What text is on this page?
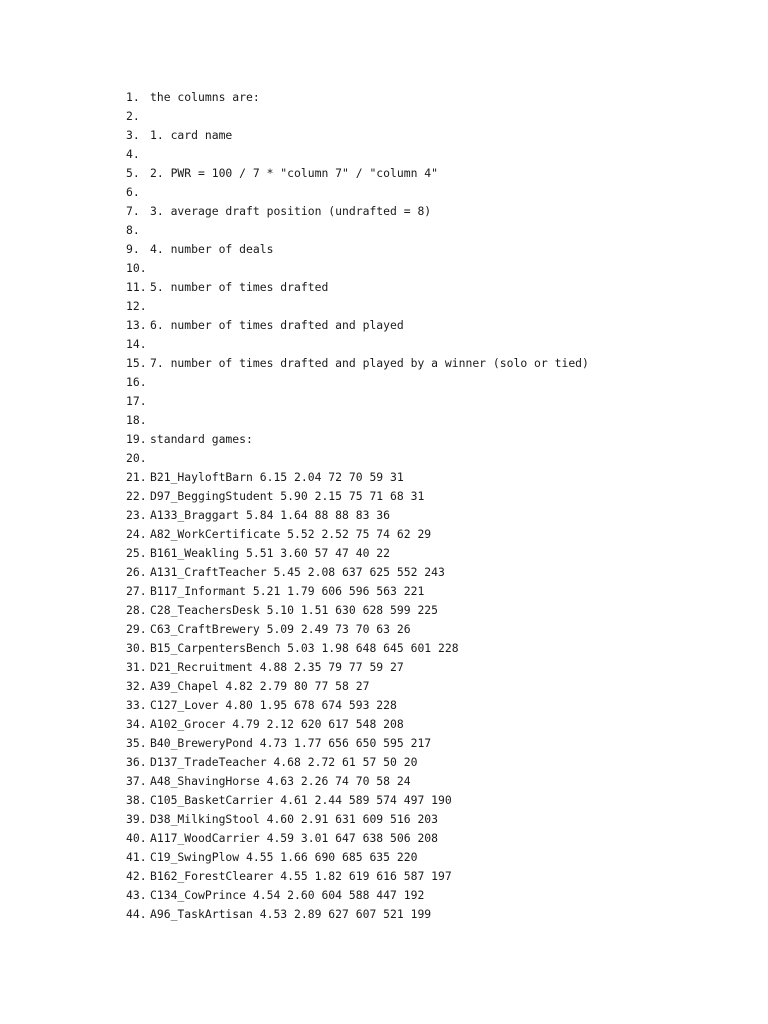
1. the columns are:
2.
3. 1. card name
4.
5. 2. PWR = 100 / 7 * "column 7" / "column 4"
6.
7. 3. average draft position (undrafted = 8)
8.
9. 4. number of deals
10.
11. 5. number of times drafted
12.
13. 6. number of times drafted and played
14.
15. 7. number of times drafted and played by a winner (solo or tied)
16.
17.
18.
19. standard games:
20.
21. B21_HayloftBarn 6.15 2.04 72 70 59 31
22. D97_BeggingStudent 5.90 2.15 75 71 68 31
23. A133_Braggart 5.84 1.64 88 88 83 36
24. A82_WorkCertificate 5.52 2.52 75 74 62 29
25. B161_Weakling 5.51 3.60 57 47 40 22
26. A131_CraftTeacher 5.45 2.08 637 625 552 243
27. B117_Informant 5.21 1.79 606 596 563 221
28. C28_TeachersDesk 5.10 1.51 630 628 599 225
29. C63_CraftBrewery 5.09 2.49 73 70 63 26
30. B15_CarpentersBench 5.03 1.98 648 645 601 228
31. D21_Recruitment 4.88 2.35 79 77 59 27
32. A39_Chapel 4.82 2.79 80 77 58 27
33. C127_Lover 4.80 1.95 678 674 593 228
34. A102_Grocer 4.79 2.12 620 617 548 208
35. B40_BreweryPond 4.73 1.77 656 650 595 217
36. D137_TradeTeacher 4.68 2.72 61 57 50 20
37. A48_ShavingHorse 4.63 2.26 74 70 58 24
38. C105_BasketCarrier 4.61 2.44 589 574 497 190
39. D38_MilkingStool 4.60 2.91 631 609 516 203
40. A117_WoodCarrier 4.59 3.01 647 638 506 208
41. C19_SwingPlow 4.55 1.66 690 685 635 220
42. B162_ForestClearer 4.55 1.82 619 616 587 197
43. C134_CowPrince 4.54 2.60 604 588 447 192
44. A96_TaskArtisan 4.53 2.89 627 607 521 199
